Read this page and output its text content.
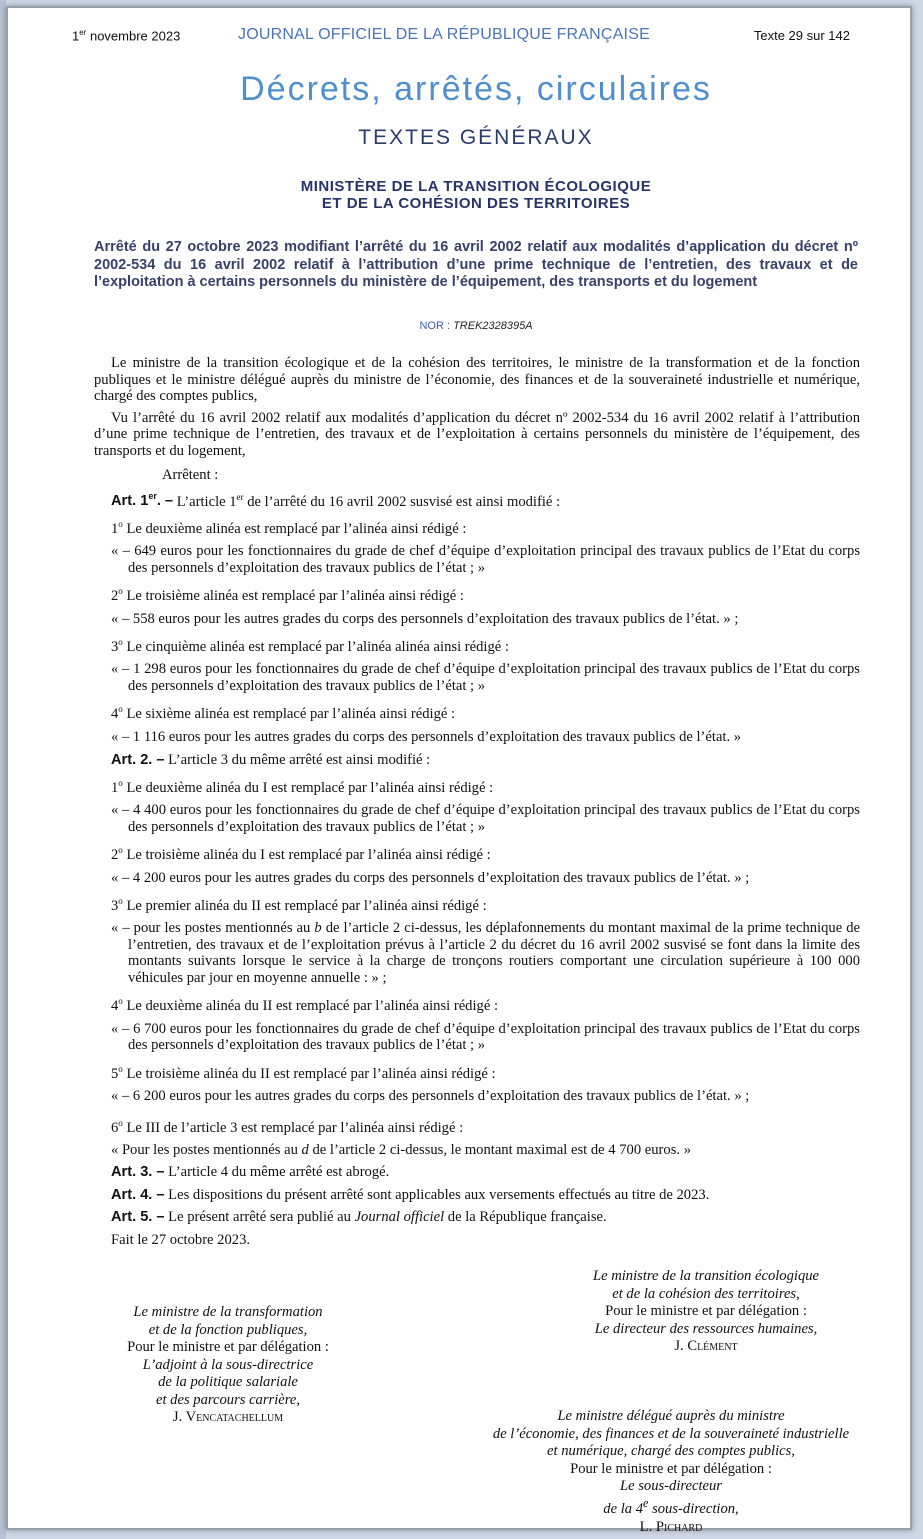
1er novembre 2023	JOURNAL OFFICIEL DE LA RÉPUBLIQUE FRANÇAISE	Texte 29 sur 142
Décrets, arrêtés, circulaires
TEXTES GÉNÉRAUX
MINISTÈRE DE LA TRANSITION ÉCOLOGIQUE
ET DE LA COHÉSION DES TERRITOIRES
Arrêté du 27 octobre 2023 modifiant l’arrêté du 16 avril 2002 relatif aux modalités d’application du décret nº 2002-534 du 16 avril 2002 relatif à l’attribution d’une prime technique de l’entretien, des travaux et de l’exploitation à certains personnels du ministère de l’équipement, des transports et du logement
NOR : TREK2328395A
Le ministre de la transition écologique et de la cohésion des territoires, le ministre de la transformation et de la fonction publiques et le ministre délégué auprès du ministre de l’économie, des finances et de la souveraineté industrielle et numérique, chargé des comptes publics,
Vu l’arrêté du 16 avril 2002 relatif aux modalités d’application du décret nº 2002-534 du 16 avril 2002 relatif à l’attribution d’une prime technique de l’entretien, des travaux et de l’exploitation à certains personnels du ministère de l’équipement, des transports et du logement,
Arrêtent :
Art. 1er. – L’article 1er de l’arrêté du 16 avril 2002 susvisé est ainsi modifié :
1$^o$ Le deuxième alinéa est remplacé par l’alinéa ainsi rédigé :
« – 649 euros pour les fonctionnaires du grade de chef d’équipe d’exploitation principal des travaux publics de l’Etat du corps des personnels d’exploitation des travaux publics de l’état ; »
2$^o$ Le troisième alinéa est remplacé par l’alinéa ainsi rédigé :
« – 558 euros pour les autres grades du corps des personnels d’exploitation des travaux publics de l’état. » ;
3$^o$ Le cinquième alinéa est remplacé par l’alinéa alinéa ainsi rédigé :
« – 1 298 euros pour les fonctionnaires du grade de chef d’équipe d’exploitation principal des travaux publics de l’Etat du corps des personnels d’exploitation des travaux publics de l’état ; »
4$^o$ Le sixième alinéa est remplacé par l’alinéa ainsi rédigé :
« – 1 116 euros pour les autres grades du corps des personnels d’exploitation des travaux publics de l’état. »
Art. 2. – L’article 3 du même arrêté est ainsi modifié :
1$^o$ Le deuxième alinéa du I est remplacé par l’alinéa ainsi rédigé :
« – 4 400 euros pour les fonctionnaires du grade de chef d’équipe d’exploitation principal des travaux publics de l’Etat du corps des personnels d’exploitation des travaux publics de l’état ; »
2$^o$ Le troisième alinéa du I est remplacé par l’alinéa ainsi rédigé :
« – 4 200 euros pour les autres grades du corps des personnels d’exploitation des travaux publics de l’état. » ;
3$^o$ Le premier alinéa du II est remplacé par l’alinéa ainsi rédigé :
« – pour les postes mentionnés au b de l’article 2 ci-dessus, les déplafonnements du montant maximal de la prime technique de l’entretien, des travaux et de l’exploitation prévus à l’article 2 du décret du 16 avril 2002 susvisé se font dans la limite des montants suivants lorsque le service à la charge de tronçons routiers comportant une circulation supérieure à 100 000 véhicules par jour en moyenne annuelle : » ;
4$^o$ Le deuxième alinéa du II est remplacé par l’alinéa ainsi rédigé :
« – 6 700 euros pour les fonctionnaires du grade de chef d’équipe d’exploitation principal des travaux publics de l’Etat du corps des personnels d’exploitation des travaux publics de l’état ; »
5$^o$ Le troisième alinéa du II est remplacé par l’alinéa ainsi rédigé :
« – 6 200 euros pour les autres grades du corps des personnels d’exploitation des travaux publics de l’état. » ;
6$^o$ Le III de l’article 3 est remplacé par l’alinéa ainsi rédigé :
« Pour les postes mentionnés au d de l’article 2 ci-dessus, le montant maximal est de 4 700 euros. »
Art. 3. – L’article 4 du même arrêté est abrogé.
Art. 4. – Les dispositions du présent arrêté sont applicables aux versements effectués au titre de 2023.
Art. 5. – Le présent arrêté sera publié au Journal officiel de la République française.
Fait le 27 octobre 2023.
Le ministre de la transition écologique
et de la cohésion des territoires,
Pour le ministre et par délégation :
Le directeur des ressources humaines,
J. Clément
Le ministre de la transformation
et de la fonction publiques,
Pour le ministre et par délégation :
L’adjoint à la sous-directrice
de la politique salariale
et des parcours carrière,
J. Vencatachellum	Le ministre délégué auprès du ministre
de l’économie, des finances et de la souveraineté industrielle
et numérique, chargé des comptes publics,
Pour le ministre et par délégation :
Le sous-directeur
de la 4e sous-direction,
L. Pichard
